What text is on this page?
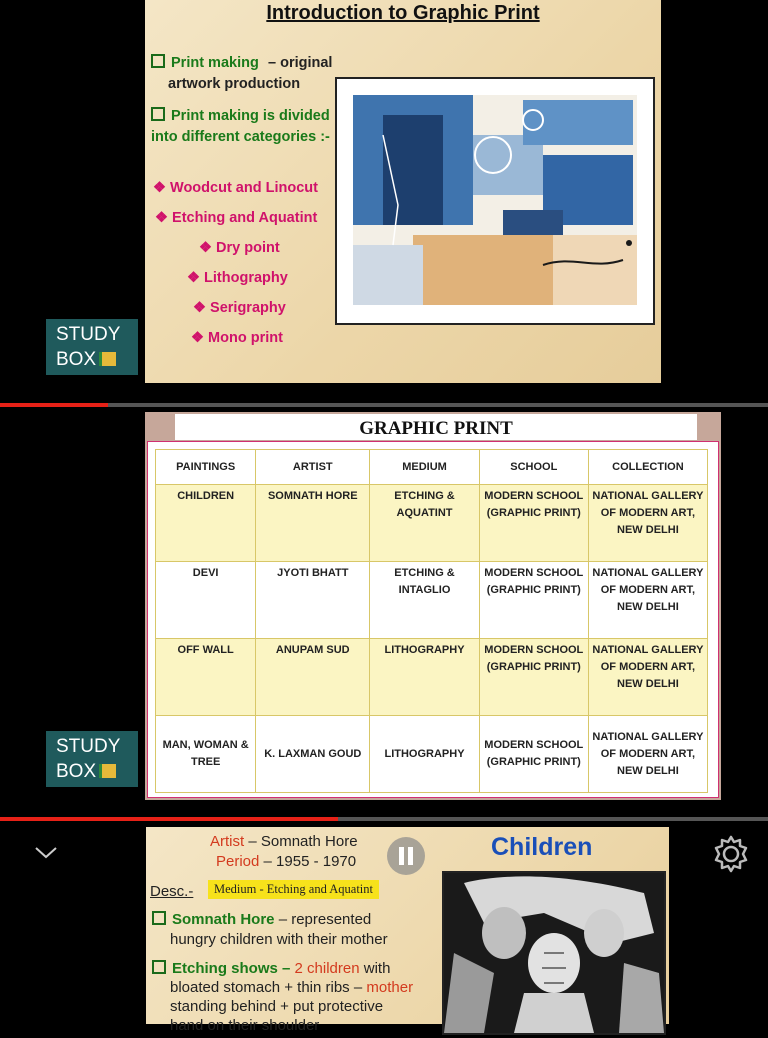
Introduction to Graphic Print
Print making – original artwork production
Print making is divided into different categories :-
❖ Woodcut and Linocut
❖ Etching and Aquatint
❖ Dry point
❖ Lithography
❖ Serigraphy
❖ Mono print
STUDY
BOX
GRAPHIC PRINT
PAINTINGS	ARTIST	MEDIUM	SCHOOL	COLLECTION
CHILDREN	SOMNATH HORE	ETCHING & AQUATINT	MODERN SCHOOL (GRAPHIC PRINT)	NATIONAL GALLERY OF MODERN ART, NEW DELHI
DEVI	JYOTI BHATT	ETCHING & INTAGLIO	MODERN SCHOOL (GRAPHIC PRINT)	NATIONAL GALLERY OF MODERN ART, NEW DELHI
OFF WALL	ANUPAM SUD	LITHOGRAPHY	MODERN SCHOOL (GRAPHIC PRINT)	NATIONAL GALLERY OF MODERN ART, NEW DELHI
MAN, WOMAN & TREE	K. LAXMAN GOUD	LITHOGRAPHY	MODERN SCHOOL (GRAPHIC PRINT)	NATIONAL GALLERY OF MODERN ART, NEW DELHI
STUDY
BOX
Artist – Somnath Hore
Period – 1955 - 1970
Children
Desc.-	Medium - Etching and Aquatint
Somnath Hore – represented
hungry children with their mother
Etching shows – 2 children with
bloated stomach + thin ribs – mother
standing behind + put protective
hand on their shoulder
